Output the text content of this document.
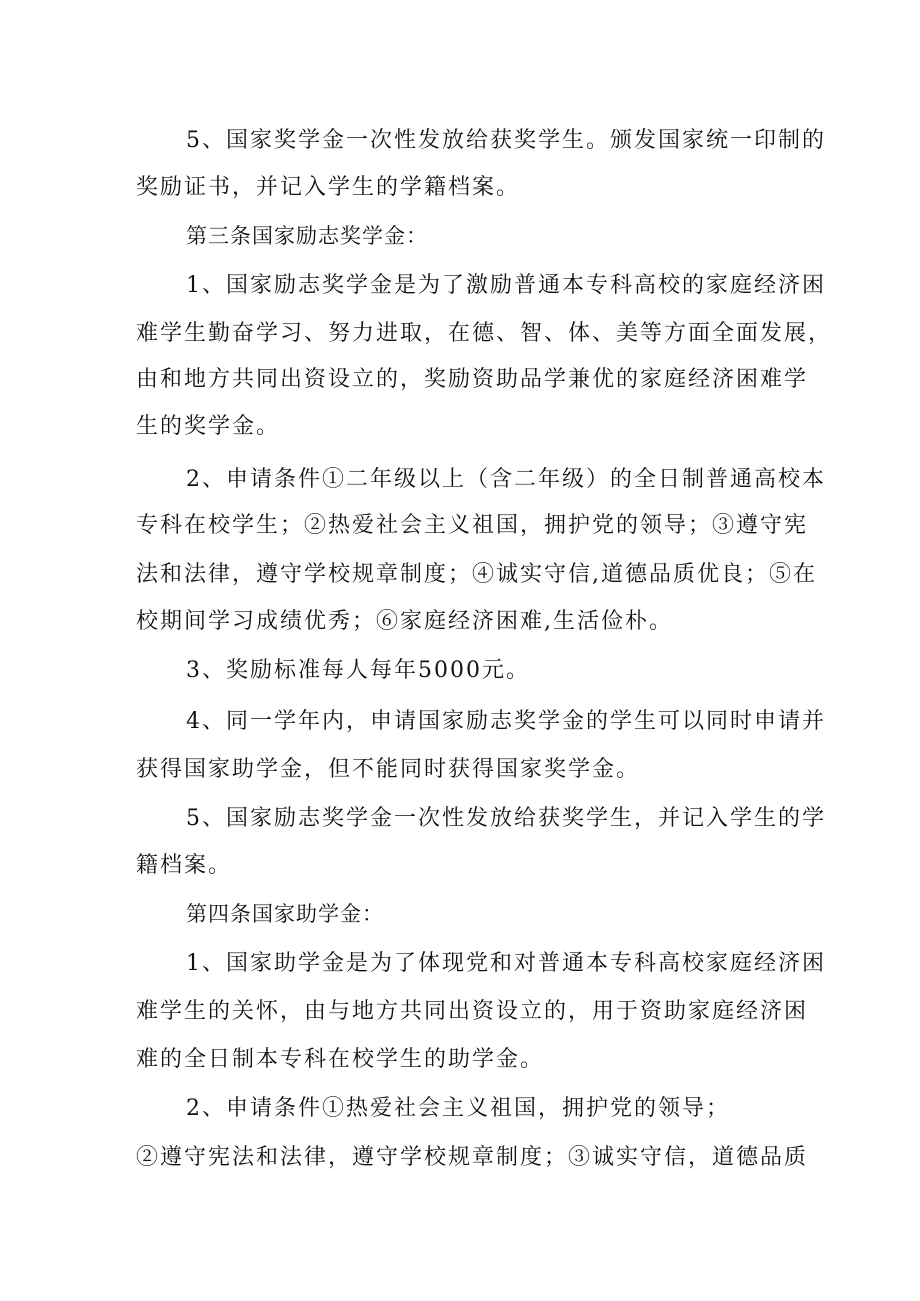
5、国家奖学金一次性发放给获奖学生。颁发国家统一印制的
奖励证书，并记入学生的学籍档案。
第三条国家励志奖学金：
1、国家励志奖学金是为了激励普通本专科高校的家庭经济困
难学生勤奋学习、努力进取，在德、智、体、美等方面全面发展，
由和地方共同出资设立的，奖励资助品学兼优的家庭经济困难学
生的奖学金。
2、申请条件①二年级以上（含二年级）的全日制普通高校本
专科在校学生；②热爱社会主义祖国，拥护党的领导；③遵守宪
法和法律，遵守学校规章制度；④诚实守信,道德品质优良；⑤在
校期间学习成绩优秀；⑥家庭经济困难,生活俭朴。
3、奖励标准每人每年5000元。
4、同一学年内，申请国家励志奖学金的学生可以同时申请并
获得国家助学金，但不能同时获得国家奖学金。
5、国家励志奖学金一次性发放给获奖学生，并记入学生的学
籍档案。
第四条国家助学金：
1、国家助学金是为了体现党和对普通本专科高校家庭经济困
难学生的关怀，由与地方共同出资设立的，用于资助家庭经济困
难的全日制本专科在校学生的助学金。
2、申请条件①热爱社会主义祖国，拥护党的领导；
②遵守宪法和法律，遵守学校规章制度；③诚实守信，道德品质
